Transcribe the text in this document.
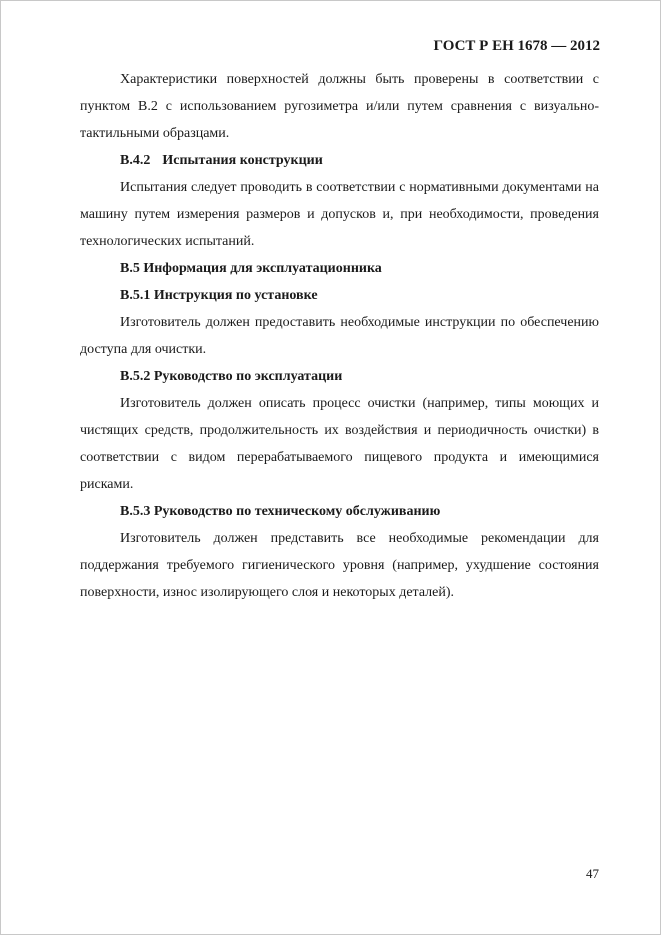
ГОСТ Р ЕН 1678 — 2012

Характеристики поверхностей должны быть проверены в соответствии с пунктом В.2 с использованием ругозиметра и/или путем сравнения с визуально-тактильными образцами.

В.4.2 Испытания конструкции

Испытания следует проводить в соответствии с нормативными документами на машину путем измерения размеров и допусков и, при необходимости, проведения технологических испытаний.

В.5 Информация для эксплуатационника

В.5.1 Инструкция по установке

Изготовитель должен предоставить необходимые инструкции по обеспечению доступа для очистки.

В.5.2 Руководство по эксплуатации

Изготовитель должен описать процесс очистки (например, типы моющих и чистящих средств, продолжительность их воздействия и периодичность очистки) в соответствии с видом перерабатываемого пищевого продукта и имеющимися рисками.

В.5.3 Руководство по техническому обслуживанию

Изготовитель должен представить все необходимые рекомендации для поддержания требуемого гигиенического уровня (например, ухудшение состояния поверхности, износ изолирующего слоя и некоторых деталей).

47
